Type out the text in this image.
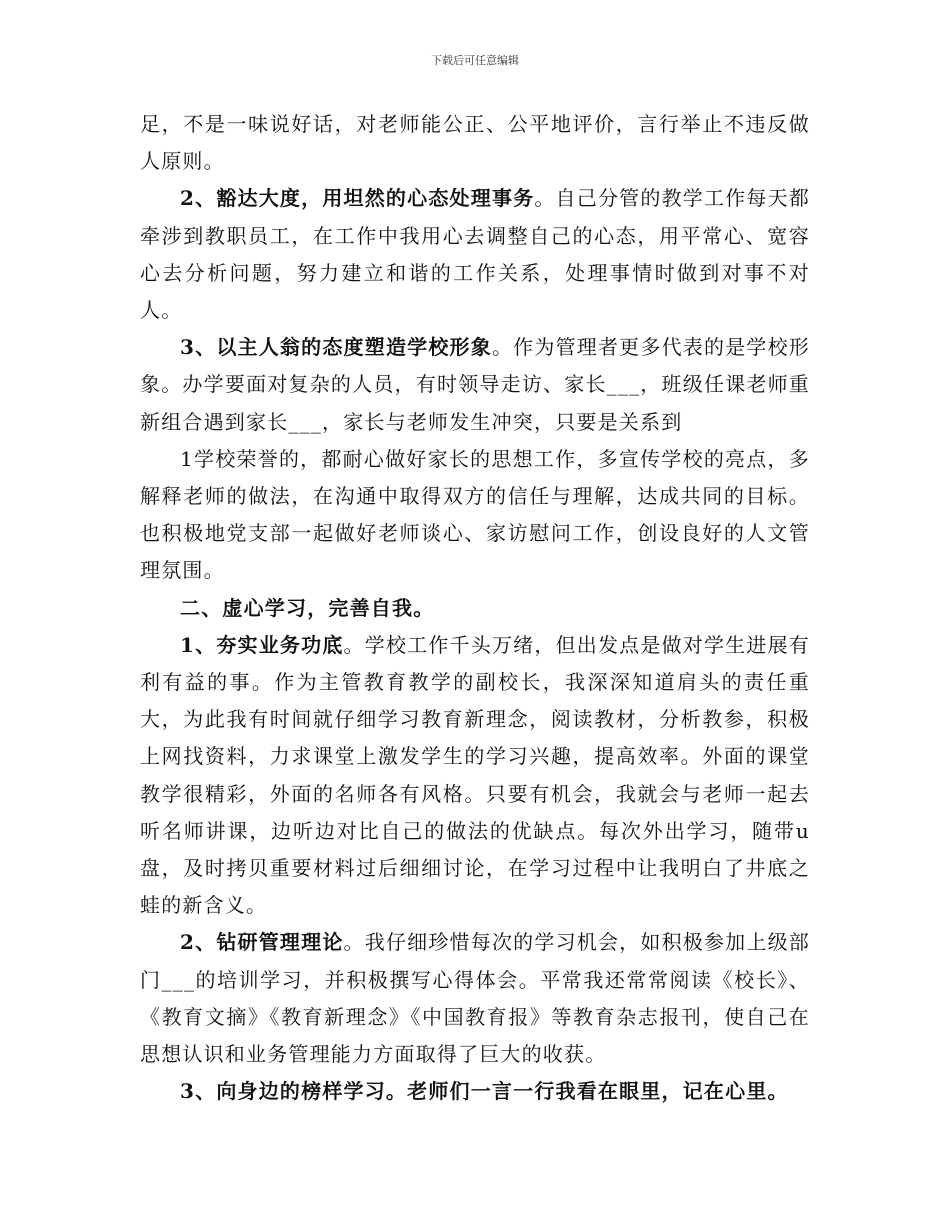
下载后可任意编辑

足，不是一味说好话，对老师能公正、公平地评价，言行举止不违反做人原则。

2、豁达大度，用坦然的心态处理事务。自己分管的教学工作每天都牵涉到教职员工，在工作中我用心去调整自己的心态，用平常心、宽容心去分析问题，努力建立和谐的工作关系，处理事情时做到对事不对人。

3、以主人翁的态度塑造学校形象。作为管理者更多代表的是学校形象。办学要面对复杂的人员，有时领导走访、家长___，班级任课老师重新组合遇到家长___，家长与老师发生冲突，只要是关系到

1学校荣誉的，都耐心做好家长的思想工作，多宣传学校的亮点，多解释老师的做法，在沟通中取得双方的信任与理解，达成共同的目标。也积极地党支部一起做好老师谈心、家访慰问工作，创设良好的人文管理氛围。

二、虚心学习，完善自我。

1、夯实业务功底。学校工作千头万绪，但出发点是做对学生进展有利有益的事。作为主管教育教学的副校长，我深深知道肩头的责任重大，为此我有时间就仔细学习教育新理念，阅读教材，分析教参，积极上网找资料，力求课堂上激发学生的学习兴趣，提高效率。外面的课堂教学很精彩，外面的名师各有风格。只要有机会，我就会与老师一起去听名师讲课，边听边对比自己的做法的优缺点。每次外出学习，随带u盘，及时拷贝重要材料过后细细讨论，在学习过程中让我明白了井底之蛙的新含义。

2、钻研管理理论。我仔细珍惜每次的学习机会，如积极参加上级部门___的培训学习，并积极撰写心得体会。平常我还常常阅读《校长》、《教育文摘》《教育新理念》《中国教育报》等教育杂志报刊，使自己在思想认识和业务管理能力方面取得了巨大的收获。

3、向身边的榜样学习。老师们一言一行我看在眼里，记在心里。
